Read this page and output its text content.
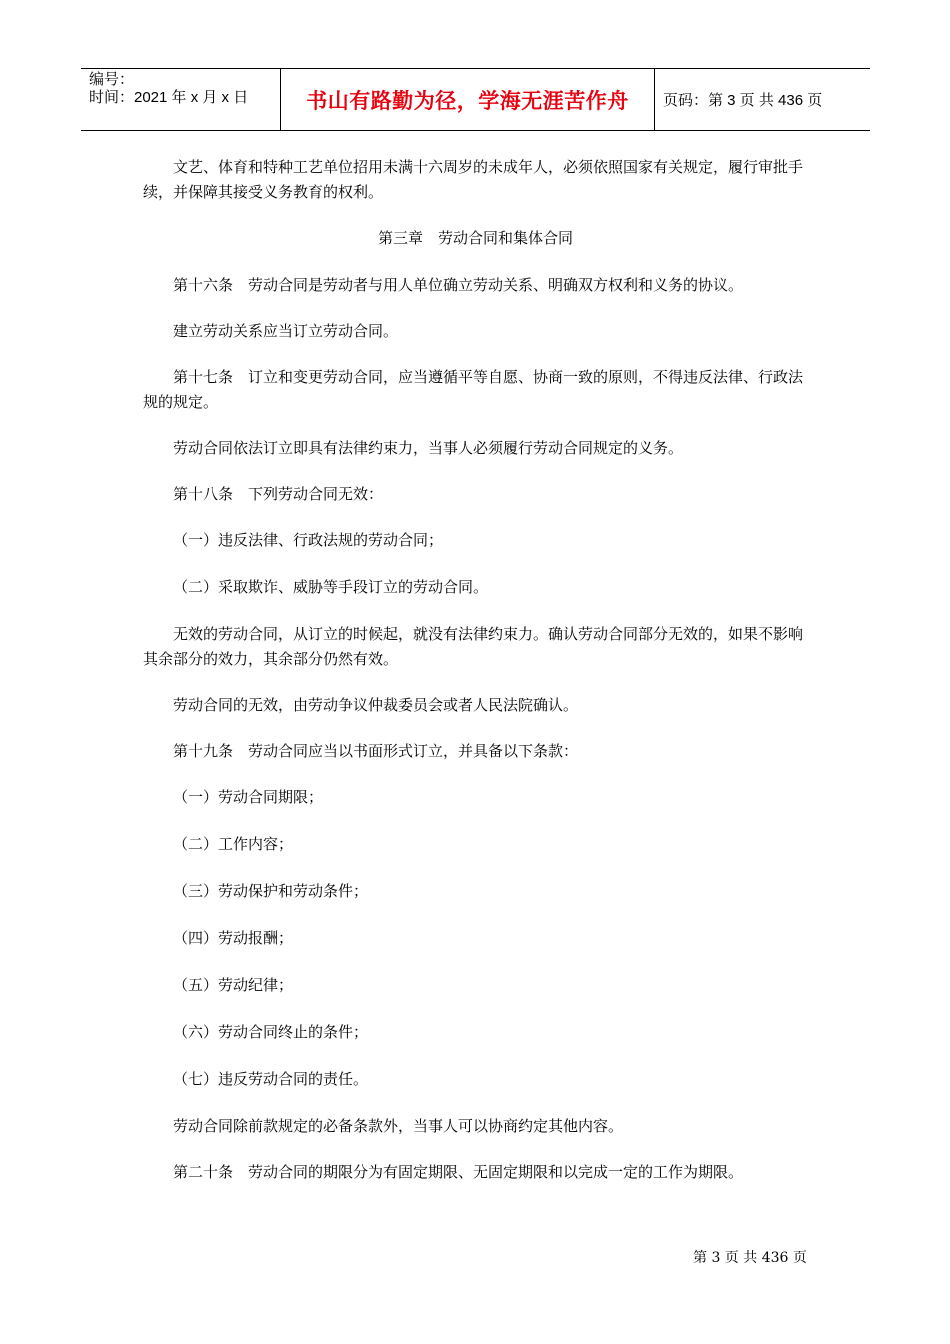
编号：
时间：2021 年 x 月 x 日	书山有路勤为径，学海无涯苦作舟	页码：第 3 页 共 436 页

文艺、体育和特种工艺单位招用未满十六周岁的未成年人，必须依照国家有关规定，履行审批手续，并保障其接受义务教育的权利。

第三章　劳动合同和集体合同

第十六条　劳动合同是劳动者与用人单位确立劳动关系、明确双方权利和义务的协议。

建立劳动关系应当订立劳动合同。

第十七条　订立和变更劳动合同，应当遵循平等自愿、协商一致的原则，不得违反法律、行政法规的规定。

劳动合同依法订立即具有法律约束力，当事人必须履行劳动合同规定的义务。

第十八条　下列劳动合同无效：

（一）违反法律、行政法规的劳动合同；

（二）采取欺诈、威胁等手段订立的劳动合同。

无效的劳动合同，从订立的时候起，就没有法律约束力。确认劳动合同部分无效的，如果不影响其余部分的效力，其余部分仍然有效。

劳动合同的无效，由劳动争议仲裁委员会或者人民法院确认。

第十九条　劳动合同应当以书面形式订立，并具备以下条款：

（一）劳动合同期限；

（二）工作内容；

（三）劳动保护和劳动条件；

（四）劳动报酬；

（五）劳动纪律；

（六）劳动合同终止的条件；

（七）违反劳动合同的责任。

劳动合同除前款规定的必备条款外，当事人可以协商约定其他内容。

第二十条　劳动合同的期限分为有固定期限、无固定期限和以完成一定的工作为期限。

第 3 页 共 436 页
